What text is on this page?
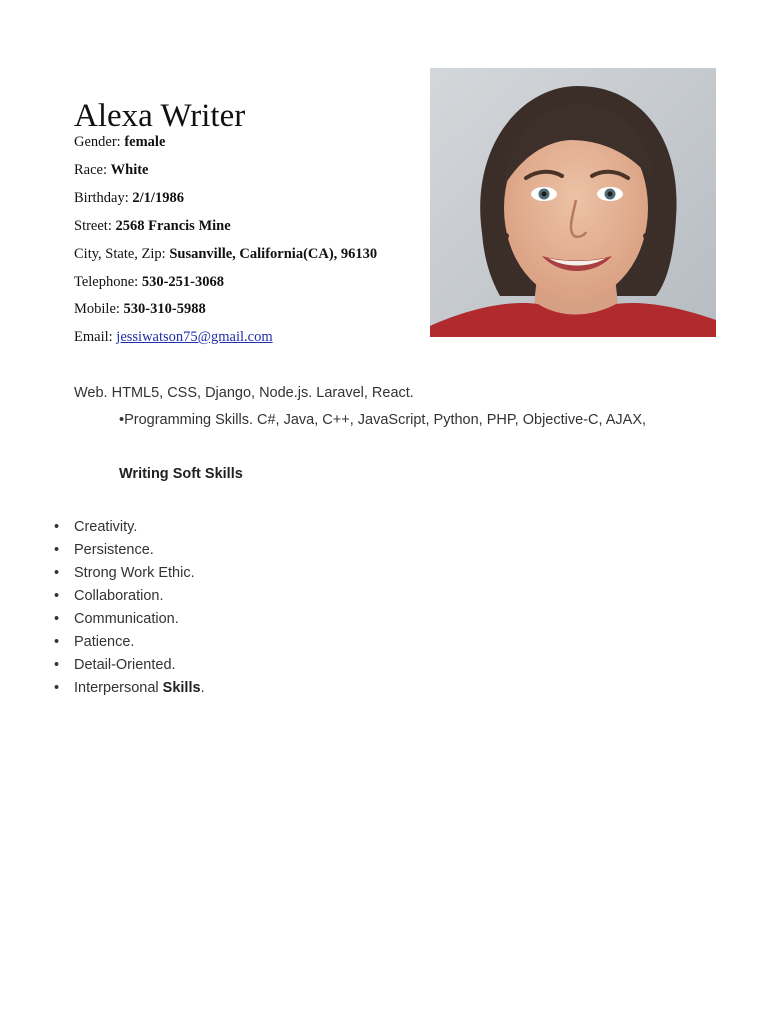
Alexa Writer
Gender: female
Race: White
Birthday: 2/1/1986
Street: 2568 Francis Mine
City, State, Zip: Susanville, California(CA), 96130
Telephone: 530-251-3068
Mobile: 530-310-5988
Email: jessiwatson75@gmail.com
Web. HTML5, CSS, Django, Node.js. Laravel, React.
•Programming Skills. C#, Java, C++, JavaScript, Python, PHP, Objective-C, AJAX,
Writing Soft Skills
• Creativity.
• Persistence.
• Strong Work Ethic.
• Collaboration.
• Communication.
• Patience.
• Detail-Oriented.
• Interpersonal Skills.
